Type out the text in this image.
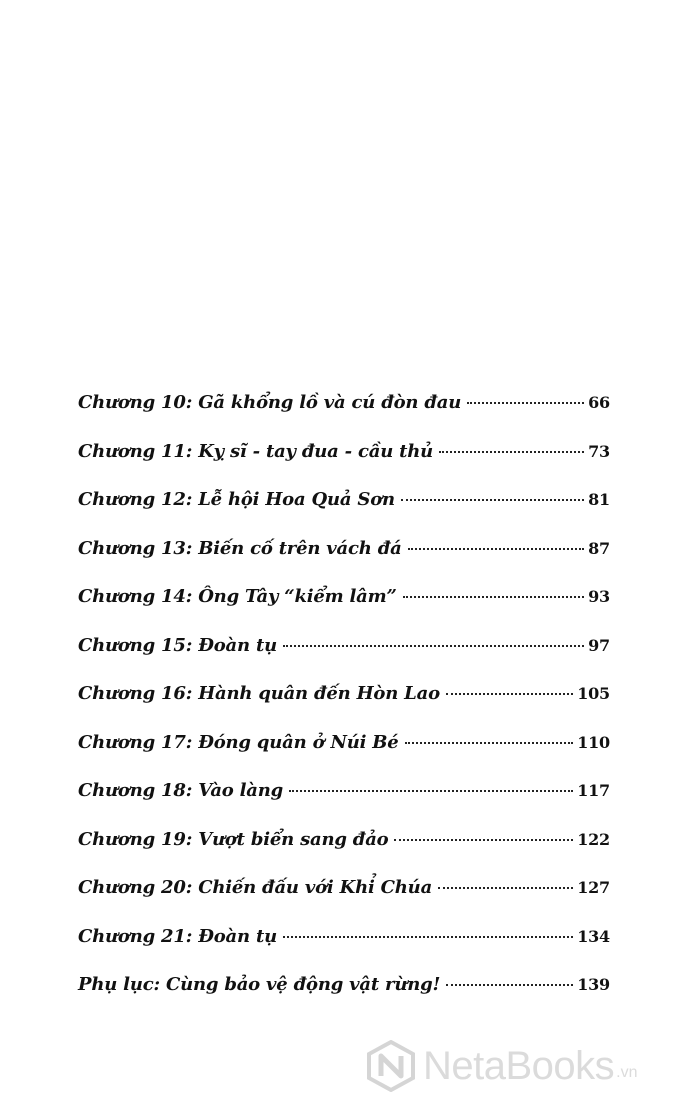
Chương 10: Gã khổng lồ và cú đòn đau	66
Chương 11: Kỵ sĩ - tay đua - cầu thủ	73
Chương 12: Lễ hội Hoa Quả Sơn	81
Chương 13: Biến cố trên vách đá	87
Chương 14: Ông Tây “kiểm lâm”	93
Chương 15: Đoàn tụ	97
Chương 16: Hành quân đến Hòn Lao	105
Chương 17: Đóng quân ở Núi Bé	110
Chương 18: Vào làng	117
Chương 19: Vượt biển sang đảo	122
Chương 20: Chiến đấu với Khỉ Chúa	127
Chương 21: Đoàn tụ	134
Phụ lục: Cùng bảo vệ động vật rừng!	139
NetaBooks .vn
